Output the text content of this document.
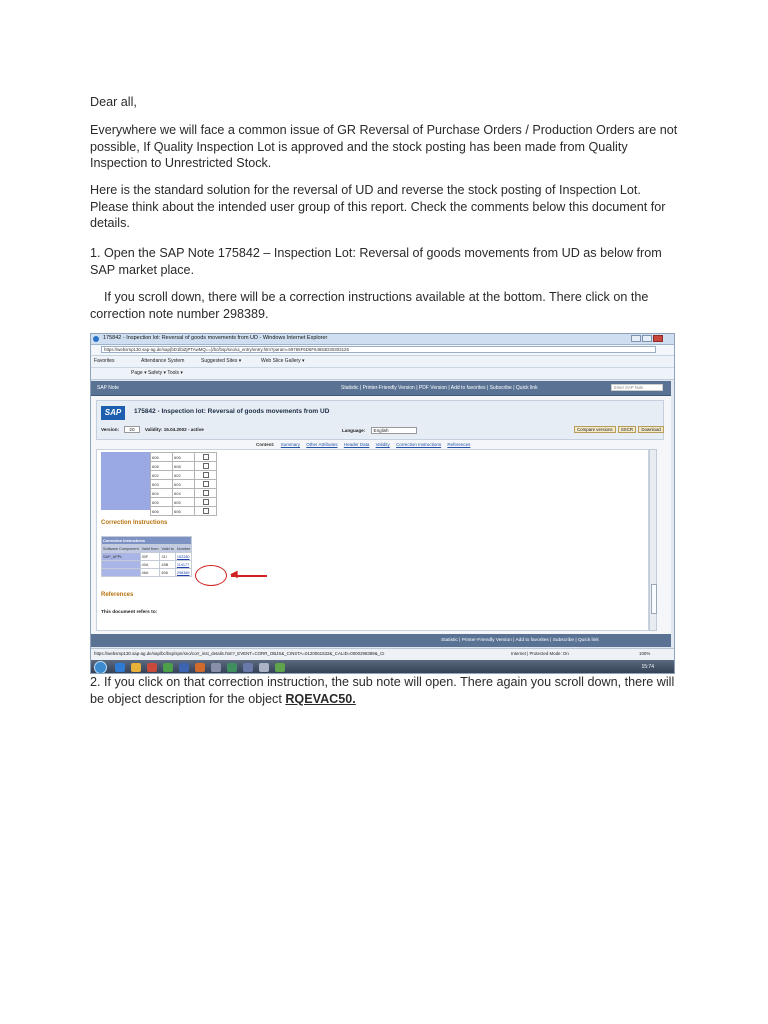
Dear all,

Everywhere we will face a common issue of GR Reversal of Purchase Orders / Production Orders are not possible, If Quality Inspection Lot is approved and the stock posting has been made from Quality Inspection to Unrestricted Stock.

Here is the standard solution for the reversal of UD and reverse the stock posting of Inspection Lot. Please think about the intended user group of this report. Check the comments below this document for details.

1. Open the SAP Note 175842 – Inspection Lot: Reversal of goods movements from UD as below from SAP market place.

If you scroll down, there will be a correction instructions available at the bottom. There click on the correction note number 298389.

175842 - Inspection lot: Reversal of goods movements from UD - Windows Internet Explorer
https://websmp130.sap-ag.de/sap(bD1lbiZjPTAwMQ==)/bc/bsp/sno/ui_entry/entry.htm?param=69765F6D6F64653D30303126
Favorites	Attendance System	Suggested Sites ▾	Web Slice Gallery ▾
Page ▾ Safety ▾ Tools ▾
SAP Note	Statistic | Printer-Friendly Version | PDF Version | Add to favorites | Subscribe | Quick link	Enter SAP Note
SAP	175842 - Inspection lot: Reversal of goods movements from UD
Version: 20 Validity: 15.04.2002 - active	Language: English	Compare versions SSCR Download
Content: Summary Other Attributes Header Data Validity Correction Instructions References
606	606	
608	608	
602	602	
603	603	
604	604	
605	605	
606	606	
Correction Instructions
Correction Instructions			
Software Component	Valid from	Valid to	Number
SAP_APPL	30F	31I	152280
	40A	45B	114177
	46A	606	298389	◀
References
This document refers to:
Statistic | Printer-Friendly Version | Add to favorites | Subscribe | Quick link
https://websmp130.sap-ag.de/sap/bc/bsp/spn/sno/corr_inst_details.htm?_EVENT=CORR_OBJS&_CINSTA=0120061532&_CALID=0000298389&_CI	Internet | Protected Mode: On	100%
15:74

2. If you click on that correction instruction, the sub note will open. There again you scroll down, there will be object description for the object RQEVAC50.
